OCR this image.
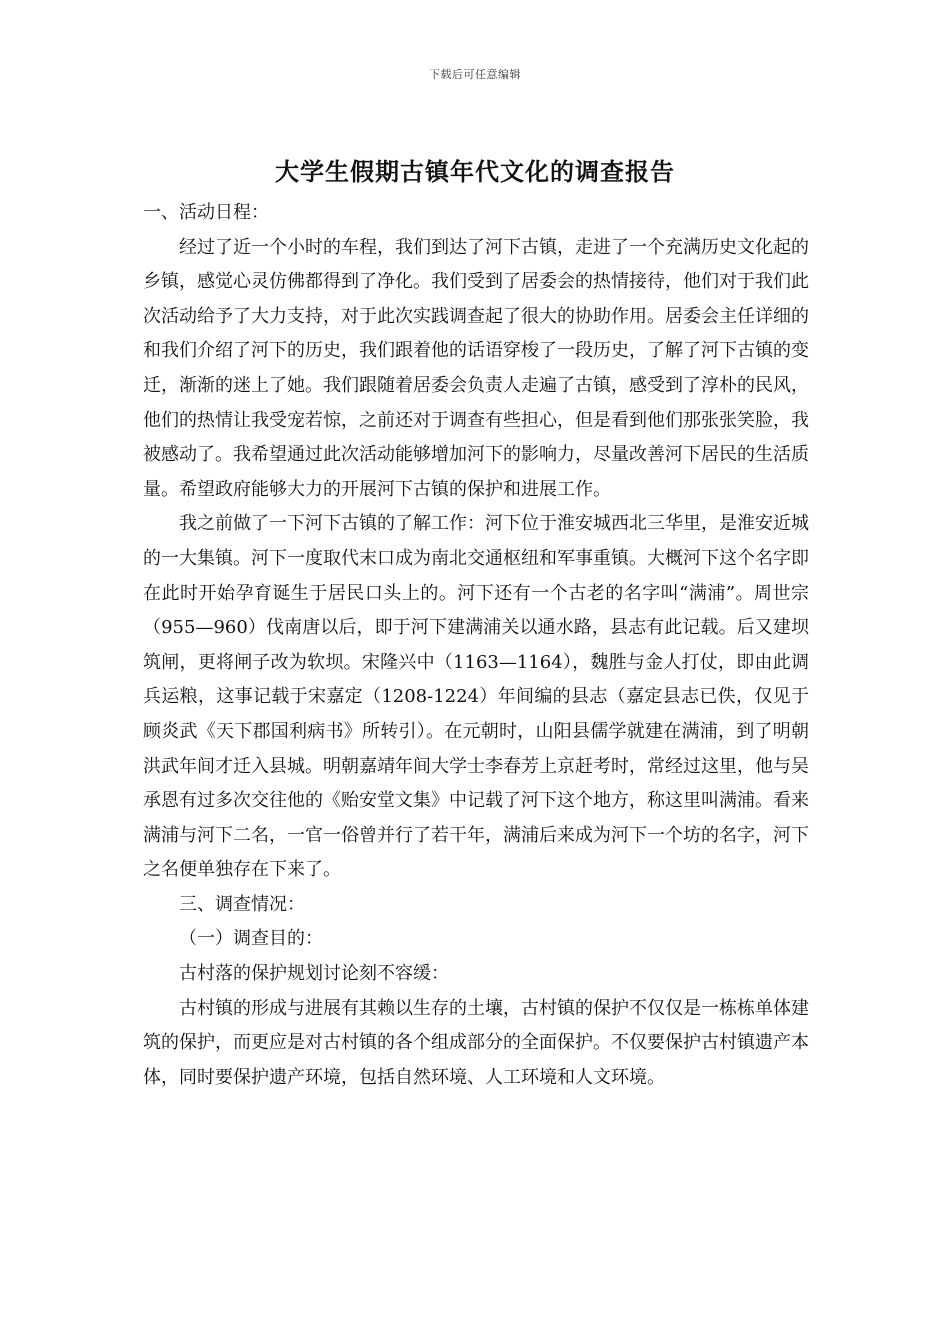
下载后可任意编辑
大学生假期古镇年代文化的调查报告

一、活动日程：

经过了近一个小时的车程，我们到达了河下古镇，走进了一个充满历史文化起的乡镇，感觉心灵仿佛都得到了净化。我们受到了居委会的热情接待，他们对于我们此次活动给予了大力支持，对于此次实践调查起了很大的协助作用。居委会主任详细的和我们介绍了河下的历史，我们跟着他的话语穿梭了一段历史，了解了河下古镇的变迁，渐渐的迷上了她。我们跟随着居委会负责人走遍了古镇，感受到了淳朴的民风，他们的热情让我受宠若惊，之前还对于调查有些担心，但是看到他们那张张笑脸，我被感动了。我希望通过此次活动能够增加河下的影响力，尽量改善河下居民的生活质量。希望政府能够大力的开展河下古镇的保护和进展工作。

我之前做了一下河下古镇的了解工作：河下位于淮安城西北三华里，是淮安近城的一大集镇。河下一度取代末口成为南北交通枢纽和军事重镇。大概河下这个名字即在此时开始孕育诞生于居民口头上的。河下还有一个古老的名字叫“满浦”。周世宗（955—960）伐南唐以后，即于河下建满浦关以通水路，县志有此记载。后又建坝筑闸，更将闸子改为软坝。宋隆兴中（1163—1164），魏胜与金人打仗，即由此调兵运粮，这事记载于宋嘉定（1208-1224）年间编的县志（嘉定县志已佚，仅见于顾炎武《天下郡国利病书》所转引）。在元朝时，山阳县儒学就建在满浦，到了明朝洪武年间才迁入县城。明朝嘉靖年间大学士李春芳上京赶考时，常经过这里，他与吴承恩有过多次交往他的《贻安堂文集》中记载了河下这个地方，称这里叫满浦。看来满浦与河下二名，一官一俗曾并行了若干年，满浦后来成为河下一个坊的名字，河下之名便单独存在下来了。

三、调查情况：

（一）调查目的：

古村落的保护规划讨论刻不容缓：

古村镇的形成与进展有其赖以生存的土壤，古村镇的保护不仅仅是一栋栋单体建筑的保护，而更应是对古村镇的各个组成部分的全面保护。不仅要保护古村镇遗产本体，同时要保护遗产环境，包括自然环境、人工环境和人文环境。
